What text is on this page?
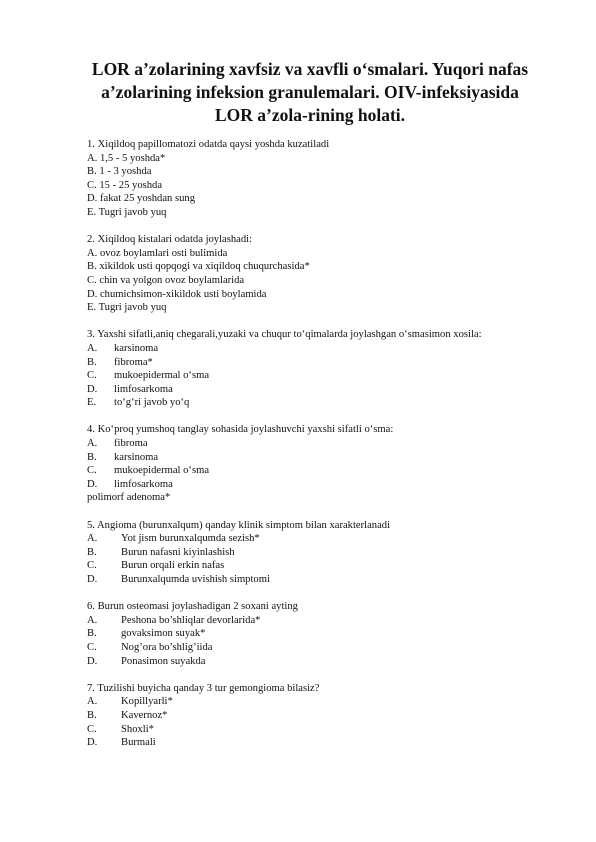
LOR a’zolarining xavfsiz va xavfli o‘smalari. Yuqori nafas
a’zolarining infeksion granulemalari. OIV-infeksiyasida
LOR a’zola-rining holati.
1. Xiqildoq papillomatozi odatda qaysi yoshda kuzatiladi
A. 1,5 - 5 yoshda*
B. 1 - 3 yoshda
C. 15 - 25 yoshda
D. fakat 25 yoshdan sung
E. Tugri javob yuq
2. Xiqildoq kistalari odatda joylashadi:
A. ovoz boylamlari osti bulimida
B. xikildok usti qopqogi va xiqildoq chuqurchasida*
C. chin va yolgon ovoz boylamlarida
D. chumichsimon-xikildok usti boylamida
E. Tugri javob yuq
3. Yaxshi sifatli,aniq chegarali,yuzaki va chuqur to‘qimalarda joylashgan o‘smasimon xosila:
A. karsinoma
B. fibroma*
C. mukoepidermal o‘sma
D. limfosarkoma
E. to‘g‘ri javob yo‘q
4. Ko‘proq yumshoq tanglay sohasida joylashuvchi yaxshi sifatli o‘sma:
A. fibroma
B. karsinoma
C. mukoepidermal o‘sma
D. limfosarkoma
polimorf adenoma*
5. Angioma (burunxalqum) qanday klinik simptom bilan xarakterlanadi
A. Yot jism burunxalqumda sezish*
B. Burun nafasni kiyinlashish
C. Burun orqali erkin nafas
D. Burunxalqumda uvishish simptomi
6. Burun osteomasi joylashadigan 2 soxani ayting
A. Peshona bo’shliqlar devorlarida*
B. govaksimon suyak*
C. Nog’ora bo’shlig’iida
D. Ponasimon suyakda
7. Tuzilishi buyicha qanday 3 tur gemongioma bilasiz?
A. Kopillyarli*
B. Kavernoz*
C. Shoxli*
D. Burmali
